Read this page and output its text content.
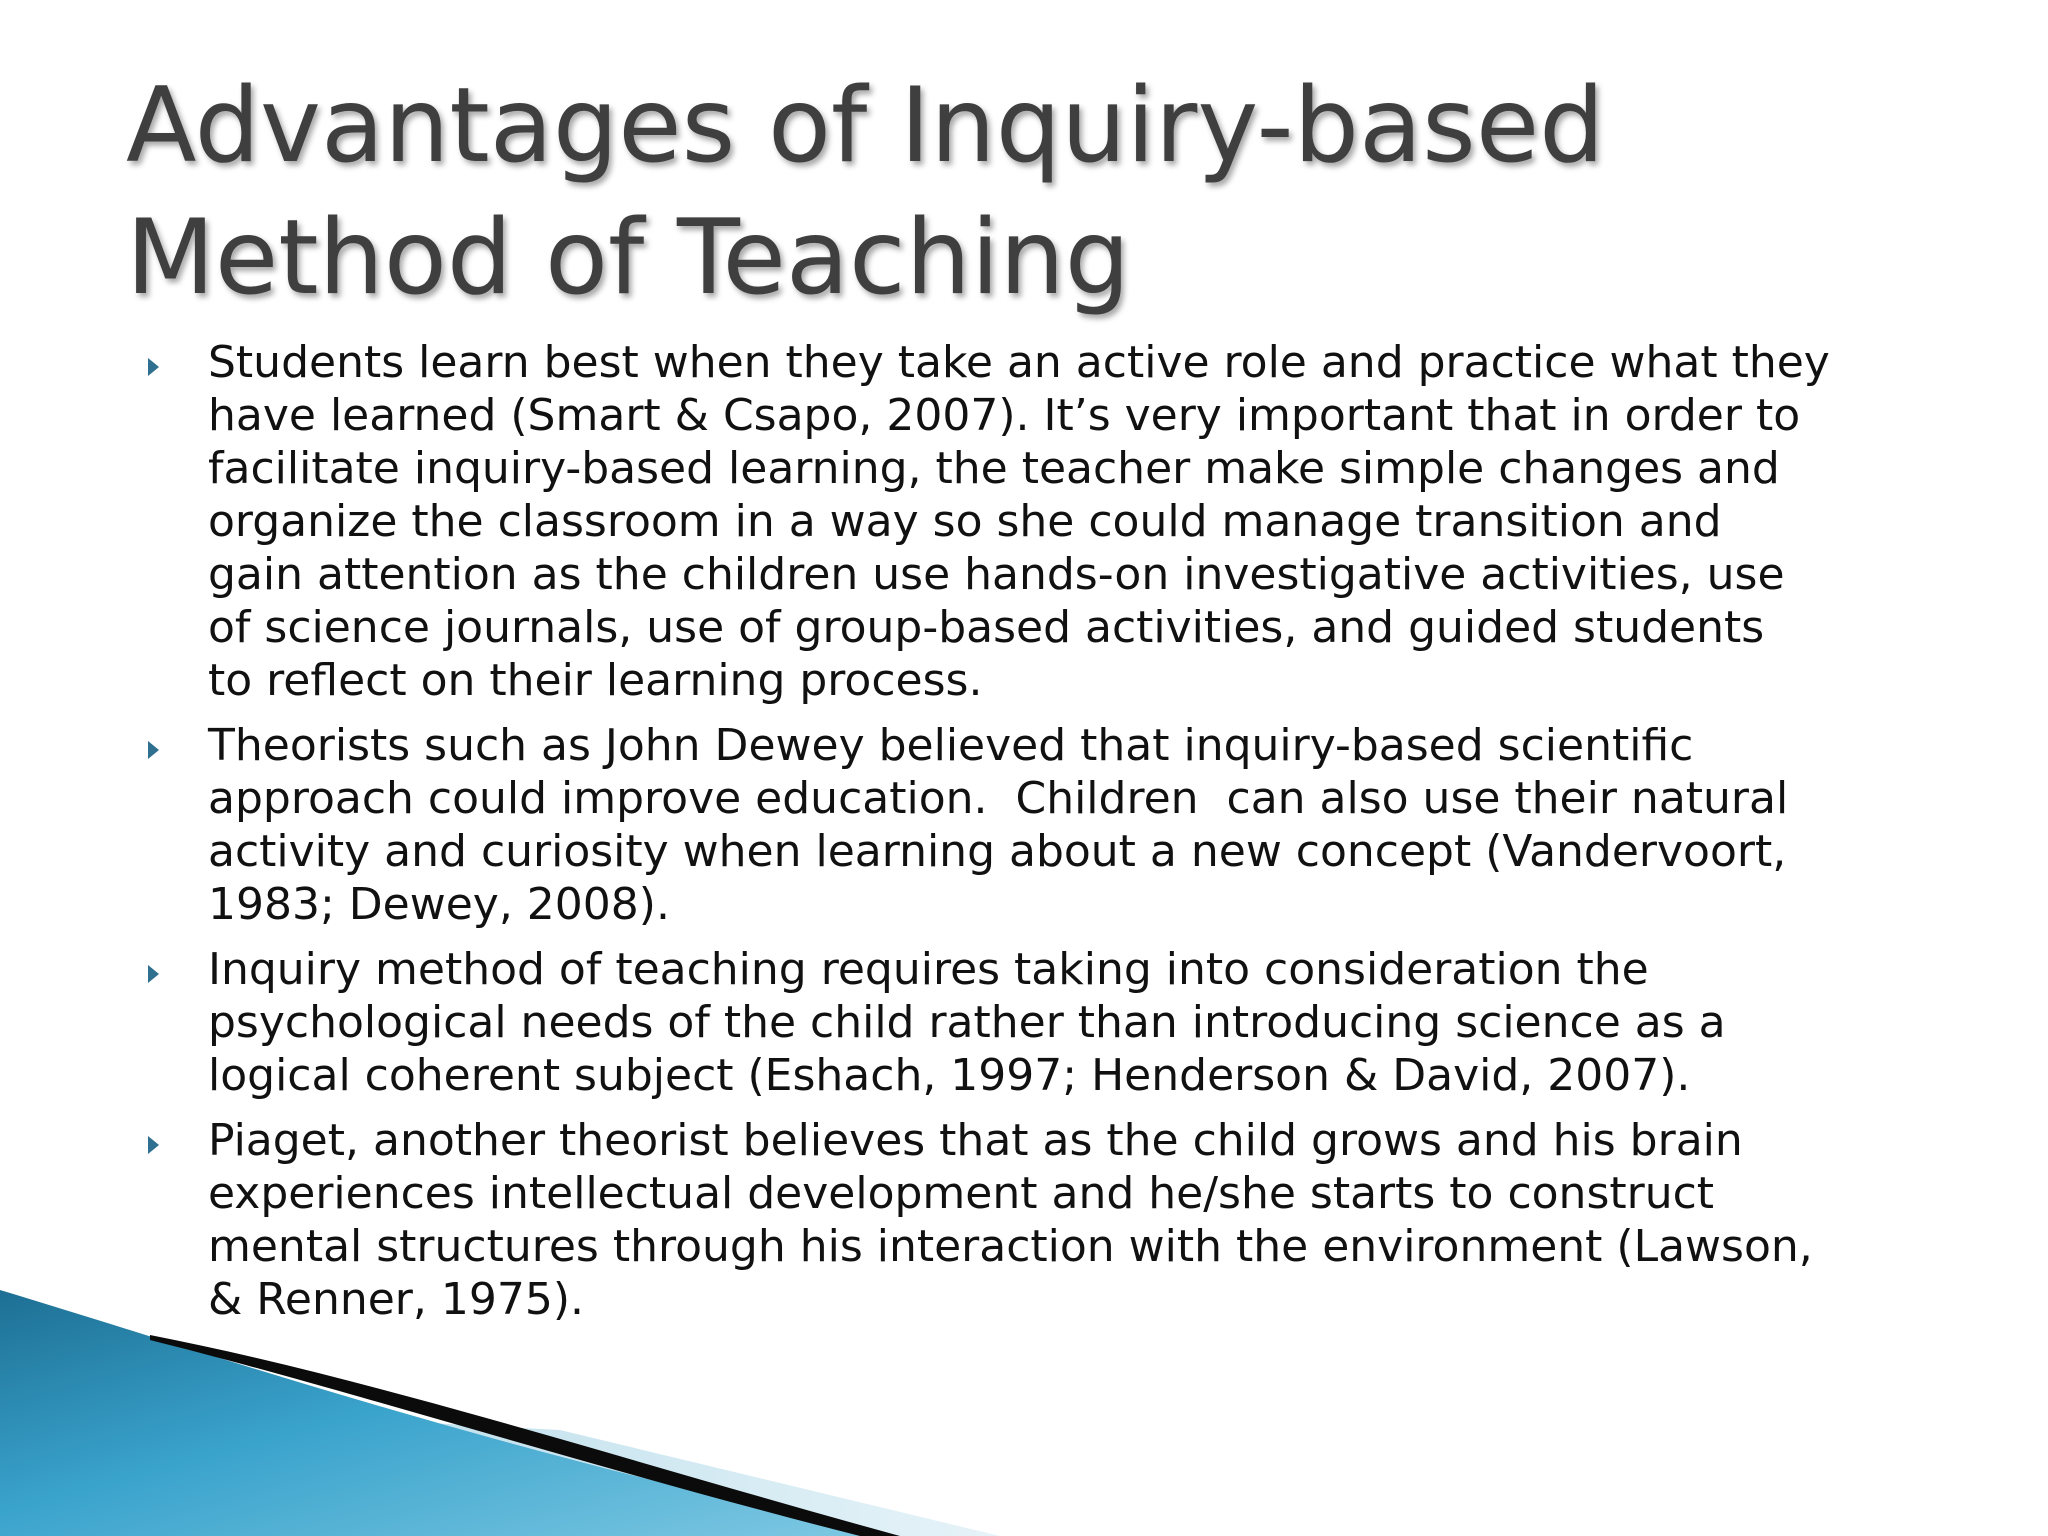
Advantages of Inquiry-based
Method of Teaching
Students learn best when they take an active role and practice what they
have learned (Smart & Csapo, 2007). It’s very important that in order to
facilitate inquiry-based learning, the teacher make simple changes and
organize the classroom in a way so she could manage transition and
gain attention as the children use hands-on investigative activities, use
of science journals, use of group-based activities, and guided students
to reflect on their learning process.
Theorists such as John Dewey believed that inquiry-based scientific
approach could improve education.  Children  can also use their natural
activity and curiosity when learning about a new concept (Vandervoort,
1983; Dewey, 2008).
Inquiry method of teaching requires taking into consideration the
psychological needs of the child rather than introducing science as a
logical coherent subject (Eshach, 1997; Henderson & David, 2007).
Piaget, another theorist believes that as the child grows and his brain
experiences intellectual development and he/she starts to construct
mental structures through his interaction with the environment (Lawson,
& Renner, 1975).
